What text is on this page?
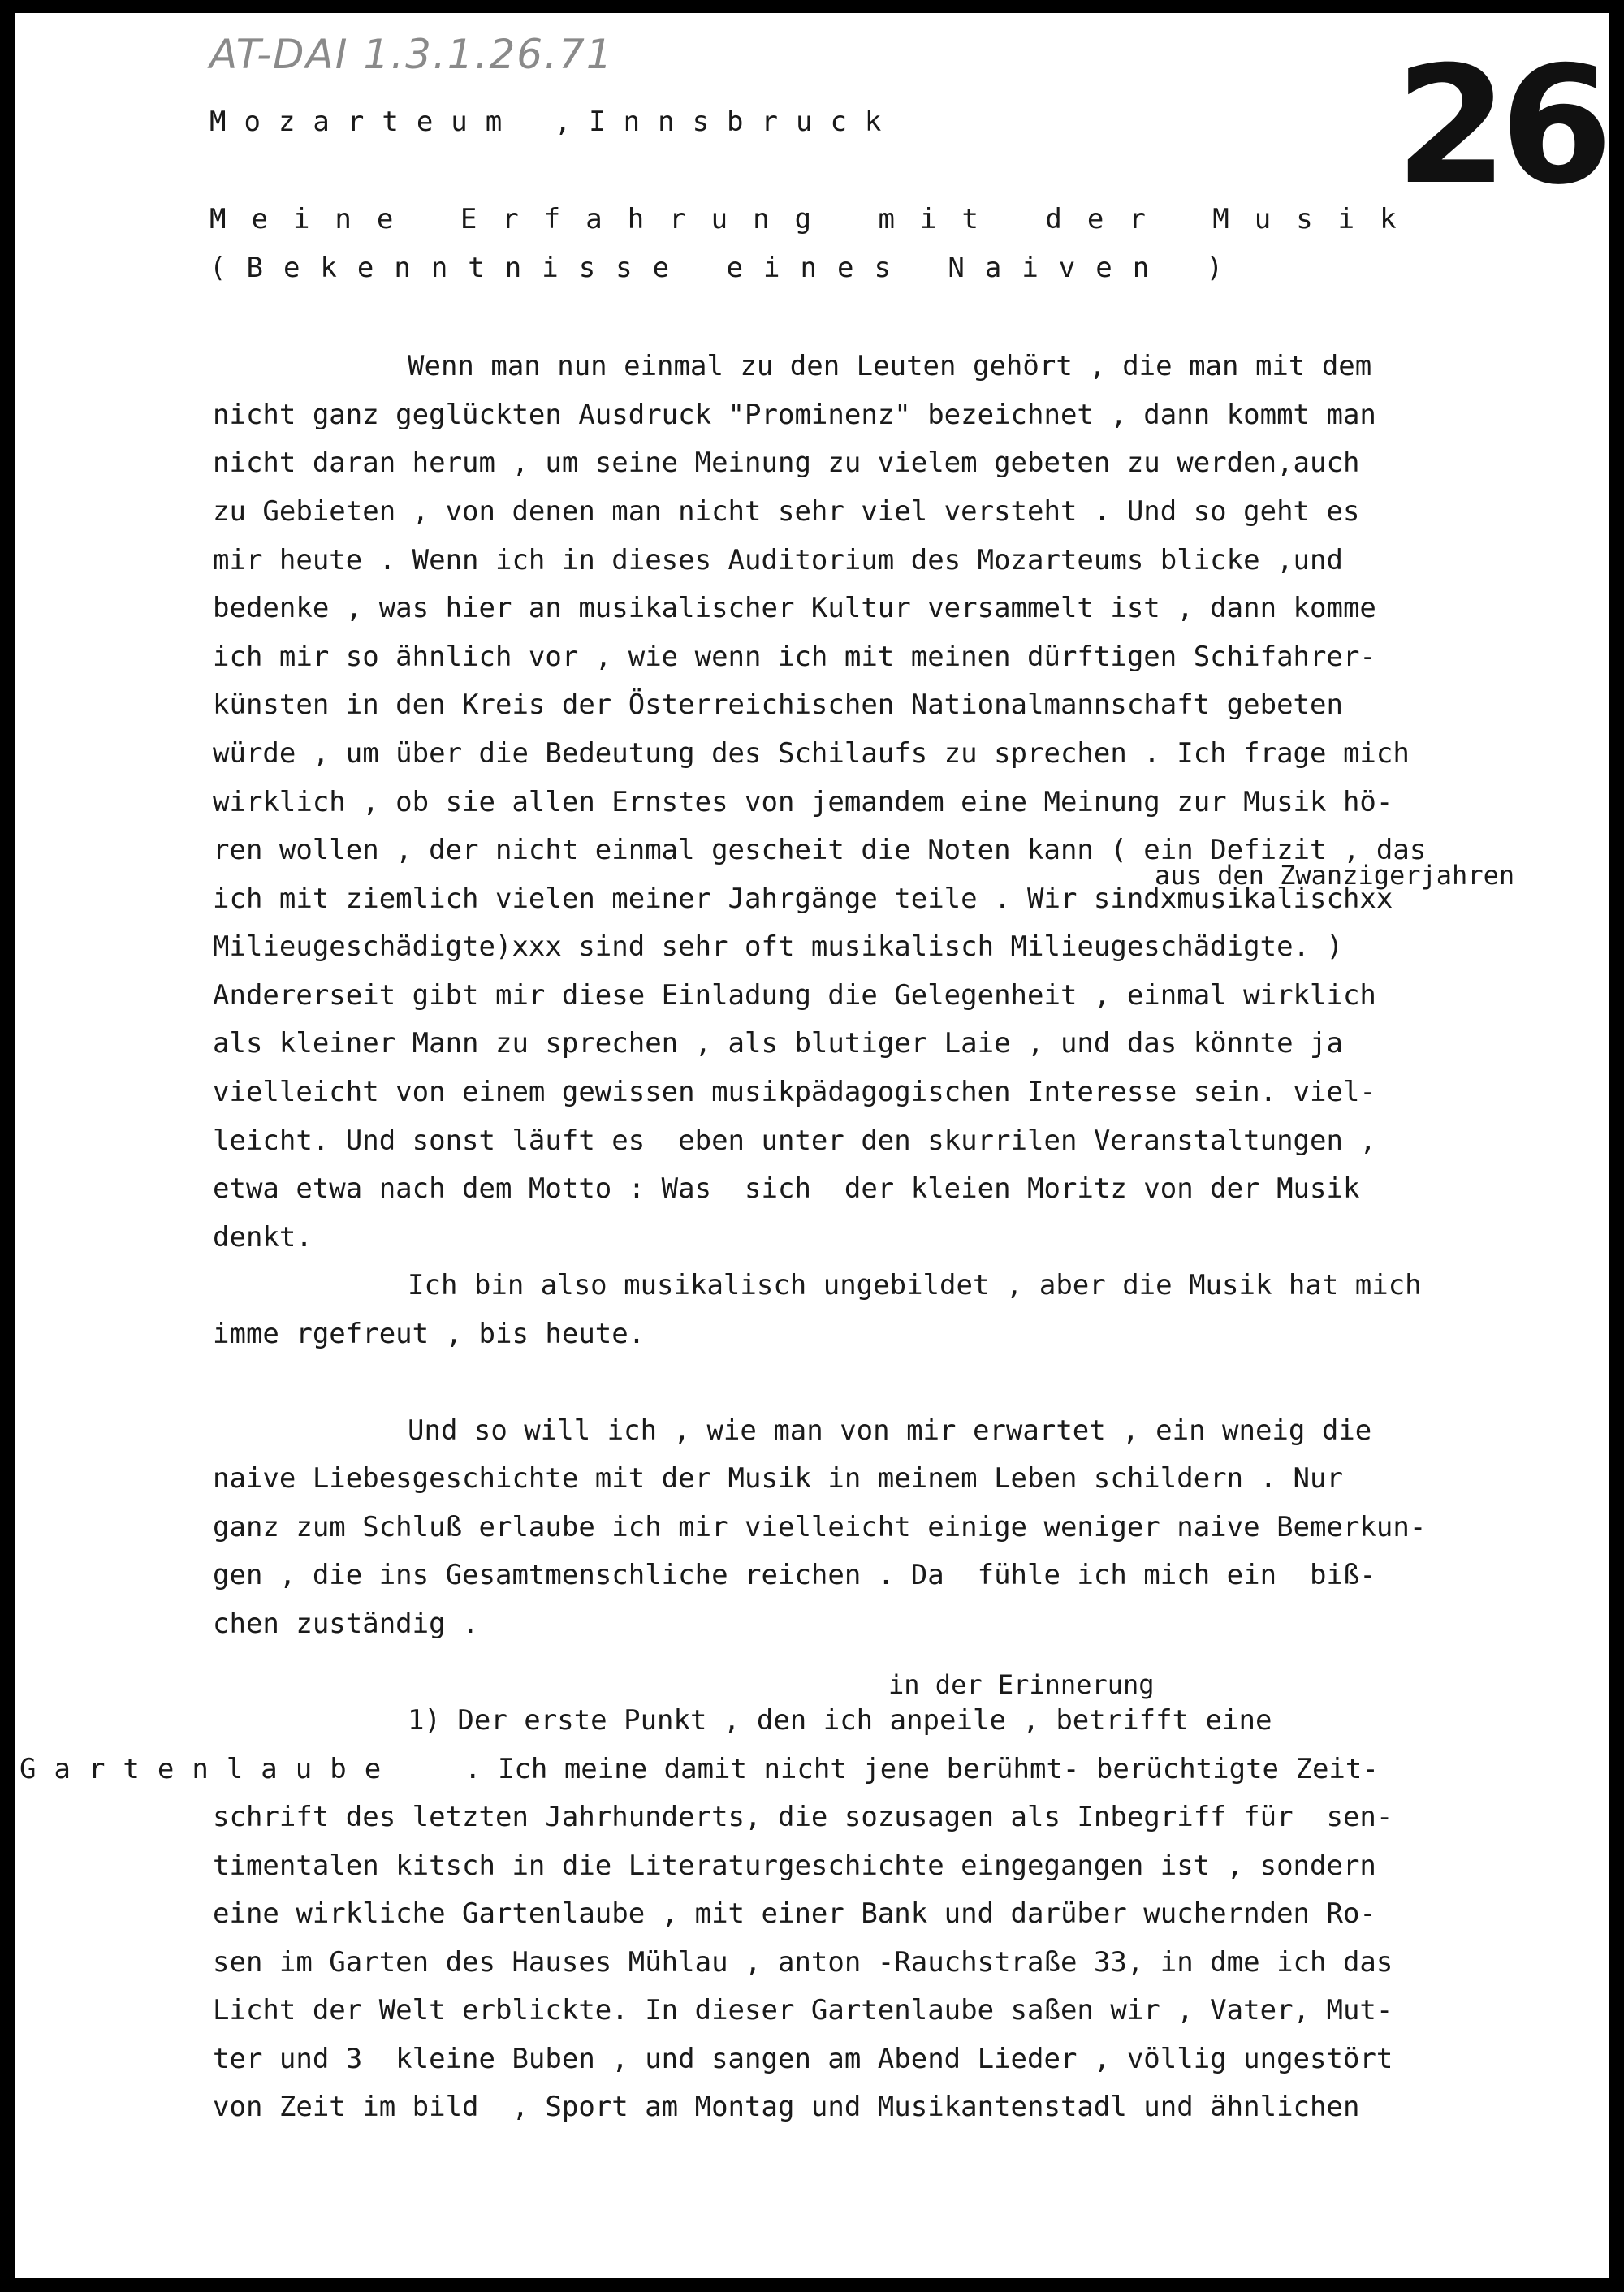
AT-DAI 1.3.1.26.71	26
Mozarteum ,Innsbruck
Meine Erfahrung mit der Musik
(Bekenntnisse eines Naiven )
Wenn man nun einmal zu den Leuten gehört , die man mit dem
nicht ganz geglückten Ausdruck "Prominenz" bezeichnet , dann kommt man
nicht daran herum , um seine Meinung zu vielem gebeten zu werden,auch
zu Gebieten , von denen man nicht sehr viel versteht . Und so geht es
mir heute . Wenn ich in dieses Auditorium des Mozarteums blicke ,und
bedenke , was hier an musikalischer Kultur versammelt ist , dann komme
ich mir so ähnlich vor , wie wenn ich mit meinen dürftigen Schifahrer-
künsten in den Kreis der Österreichischen Nationalmannschaft gebeten
würde , um über die Bedeutung des Schilaufs zu sprechen . Ich frage mich
wirklich , ob sie allen Ernstes von jemandem eine Meinung zur Musik hö-
ren wollen , der nicht einmal gescheit die Noten kann ( ein Defizit , das
aus den Zwanzigerjahren
ich mit ziemlich vielen meiner Jahrgänge teile . Wir sindxmusikalischxx
Milieugeschädigte)xxx sind sehr oft musikalisch Milieugeschädigte. )
Andererseit gibt mir diese Einladung die Gelegenheit , einmal wirklich
als kleiner Mann zu sprechen , als blutiger Laie , und das könnte ja
vielleicht von einem gewissen musikpädagogischen Interesse sein. viel-
leicht. Und sonst läuft es  eben unter den skurrilen Veranstaltungen ,
etwa etwa nach dem Motto : Was  sich  der kleien Moritz von der Musik
denkt.
Ich bin also musikalisch ungebildet , aber die Musik hat mich
imme rgefreut , bis heute.
Und so will ich , wie man von mir erwartet , ein wneig die
naive Liebesgeschichte mit der Musik in meinem Leben schildern . Nur
ganz zum Schluß erlaube ich mir vielleicht einige weniger naive Bemerkun-
gen , die ins Gesamtmenschliche reichen . Da  fühle ich mich ein  biß-
chen zuständig .
in der Erinnerung
1) Der erste Punkt , den ich anpeile , betrifft eine
Gartenlaube . Ich meine damit nicht jene berühmt- berüchtigte Zeit-
schrift des letzten Jahrhunderts, die sozusagen als Inbegriff für  sen-
timentalen kitsch in die Literaturgeschichte eingegangen ist , sondern
eine wirkliche Gartenlaube , mit einer Bank und darüber wuchernden Ro-
sen im Garten des Hauses Mühlau , anton -Rauchstraße 33, in dme ich das
Licht der Welt erblickte. In dieser Gartenlaube saßen wir , Vater, Mut-
ter und 3  kleine Buben , und sangen am Abend Lieder , völlig ungestört
von Zeit im bild  , Sport am Montag und Musikantenstadl und ähnlichen
